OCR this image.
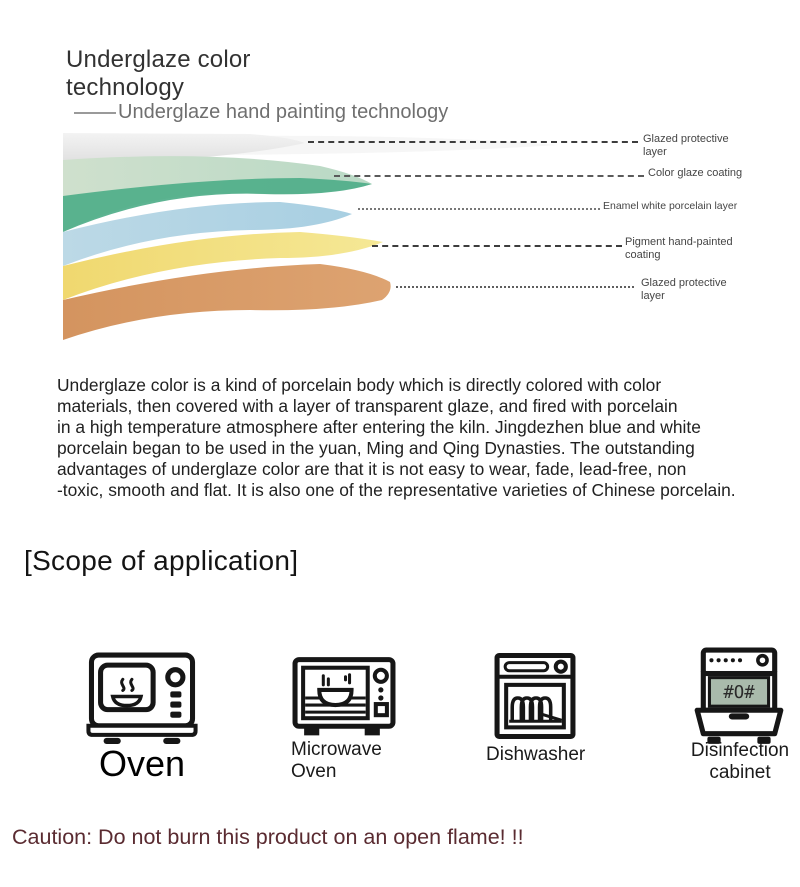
Underglaze color technology
Underglaze hand painting technology
Glazed protective layer
Color glaze coating
Enamel white porcelain layer
Pigment hand-painted coating
Glazed protective layer
Underglaze color is a kind of porcelain body which is directly colored with color
materials, then covered with a layer of transparent glaze, and fired with porcelain
in a high temperature atmosphere after entering the kiln. Jingdezhen blue and white
porcelain began to be used in the yuan, Ming and Qing Dynasties. The outstanding
advantages of underglaze color are that it is not easy to wear, fade, lead-free, non
-toxic, smooth and flat. It is also one of the representative varieties of Chinese porcelain.
[Scope of application]
#O#
Oven	Microwave Oven
Dishwasher	Disinfection cabinet
Caution: Do not burn this product on an open flame! !!
